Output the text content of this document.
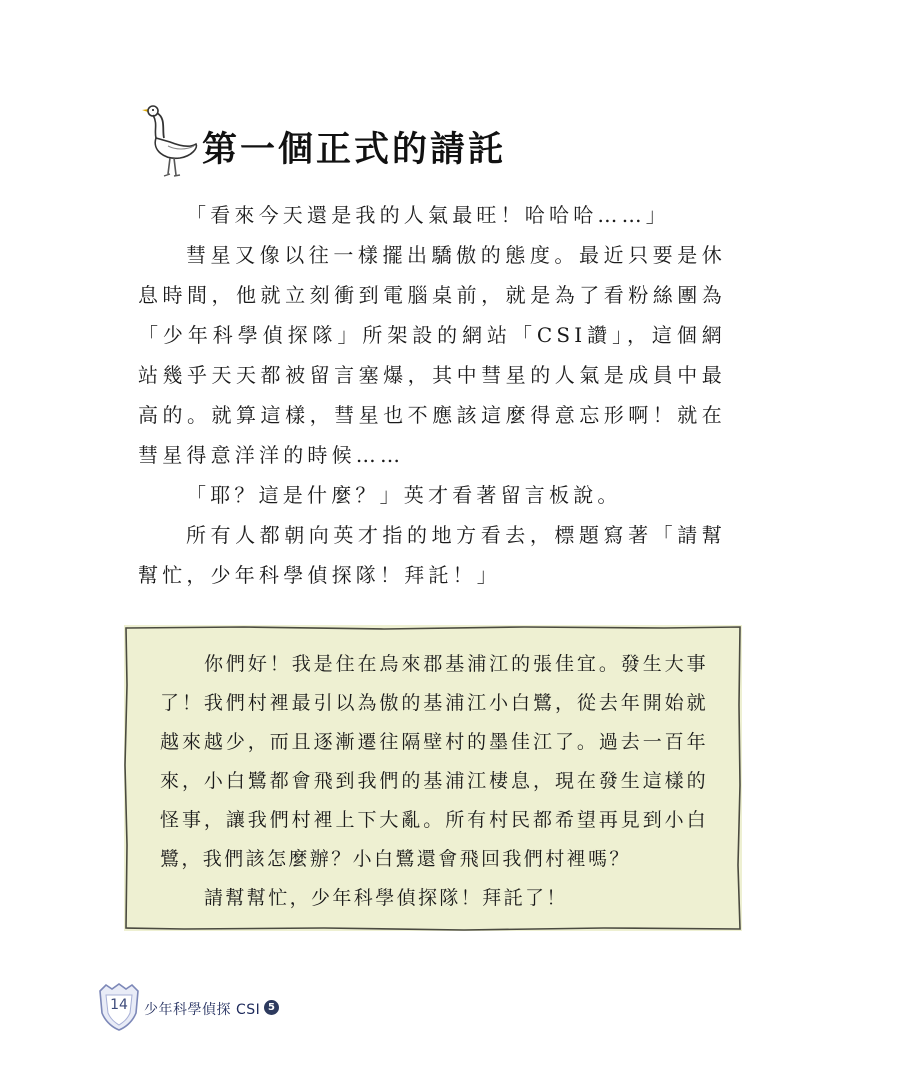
第一個正式的請託

「看來今天還是我的人氣最旺！哈哈哈……」

彗星又像以往一樣擺出驕傲的態度。最近只要是休息時間，他就立刻衝到電腦桌前，就是為了看粉絲團為「少年科學偵探隊」所架設的網站「CSI讚」，這個網站幾乎天天都被留言塞爆，其中彗星的人氣是成員中最高的。就算這樣，彗星也不應該這麼得意忘形啊！就在彗星得意洋洋的時候……

「耶？這是什麼？」英才看著留言板說。

所有人都朝向英才指的地方看去，標題寫著「請幫幫忙，少年科學偵探隊！拜託！」

你們好！我是住在烏來郡基浦江的張佳宜。發生大事了！我們村裡最引以為傲的基浦江小白鷺，從去年開始就越來越少，而且逐漸遷往隔壁村的墨佳江了。過去一百年來，小白鷺都會飛到我們的基浦江棲息，現在發生這樣的怪事，讓我們村裡上下大亂。所有村民都希望再見到小白鷺，我們該怎麼辦？小白鷺還會飛回我們村裡嗎？

請幫幫忙，少年科學偵探隊！拜託了！

14	少年科學偵探 CSI 5
